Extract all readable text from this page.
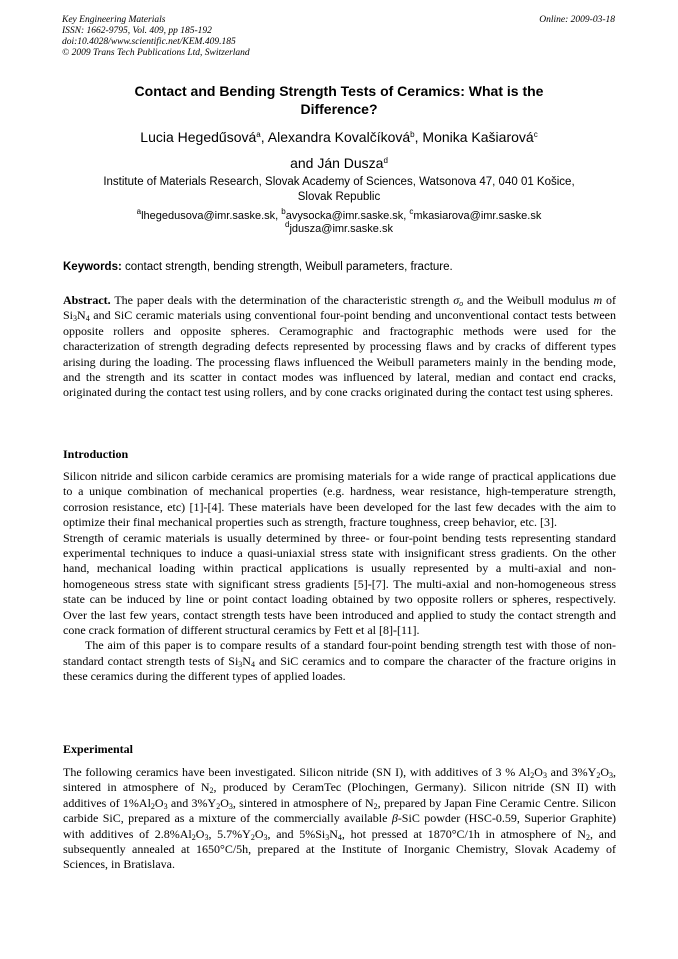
Key Engineering Materials
ISSN: 1662-9795, Vol. 409, pp 185-192
doi:10.4028/www.scientific.net/KEM.409.185
© 2009 Trans Tech Publications Ltd, Switzerland
Online: 2009-03-18
Contact and Bending Strength Tests of Ceramics: What is the
Difference?
Lucia Hegedűsová$^a$, Alexandra Kovalčíková$^b$, Monika Kašiarová$^c$
and Ján Dusza$^d$
Institute of Materials Research, Slovak Academy of Sciences, Watsonova 47, 040 01 Košice,
Slovak Republic
$^a$lhegedusova@imr.saske.sk, $^b$avysocka@imr.saske.sk, $^c$mkasiarova@imr.saske.sk
$^d$jdusza@imr.saske.sk
Keywords: contact strength, bending strength, Weibull parameters, fracture.
Abstract. The paper deals with the determination of the characteristic strength $\sigma_o$ and the Weibull modulus m of $Si_3N_4$ and SiC ceramic materials using conventional four-point bending and unconventional contact tests between opposite rollers and opposite spheres. Ceramographic and fractographic methods were used for the characterization of strength degrading defects represented by processing flaws and by cracks of different types arising during the loading. The processing flaws influenced the Weibull parameters mainly in the bending mode, and the strength and its scatter in contact modes was influenced by lateral, median and contact end cracks, originated during the contact test using rollers, and by cone cracks originated during the contact test using spheres.
Introduction

Silicon nitride and silicon carbide ceramics are promising materials for a wide range of practical applications due to a unique combination of mechanical properties (e.g. hardness, wear resistance, high-temperature strength, corrosion resistance, etc) [1]-[4]. These materials have been developed for the last few decades with the aim to optimize their final mechanical properties such as strength, fracture toughness, creep behavior, etc. [3].

Strength of ceramic materials is usually determined by three- or four-point bending tests representing standard experimental techniques to induce a quasi-uniaxial stress state with insignificant stress gradients. On the other hand, mechanical loading within practical applications is usually represented by a multi-axial and non-homogeneous stress state with significant stress gradients [5]-[7]. The multi-axial and non-homogeneous stress state can be induced by line or point contact loading obtained by two opposite rollers or spheres, respectively. Over the last few years, contact strength tests have been introduced and applied to study the contact strength and cone crack formation of different structural ceramics by Fett et al [8]-[11].

The aim of this paper is to compare results of a standard four-point bending strength test with those of non-standard contact strength tests of $Si_3N_4$ and SiC ceramics and to compare the character of the fracture origins in these ceramics during the different types of applied loades.

Experimental

The following ceramics have been investigated. Silicon nitride (SN I), with additives of 3 % $Al_2O_3$ and $3\%Y_2O_3$, sintered in atmosphere of $N_2$, produced by CeramTec (Plochingen, Germany). Silicon nitride (SN II) with additives of $1\%Al_2O_3$ and $3\%Y_2O_3$, sintered in atmosphere of $N_2$, prepared by Japan Fine Ceramic Centre. Silicon carbide SiC, prepared as a mixture of the commercially available β-SiC powder (HSC-0.59, Superior Graphite) with additives of $2.8\%Al_2O_3$, $5.7\%Y_2O_3$, and $5\%Si_3N_4$, hot pressed at 1870°C/1h in atmosphere of $N_2$, and subsequently annealed at 1650°C/5h, prepared at the Institute of Inorganic Chemistry, Slovak Academy of Sciences, in Bratislava.
